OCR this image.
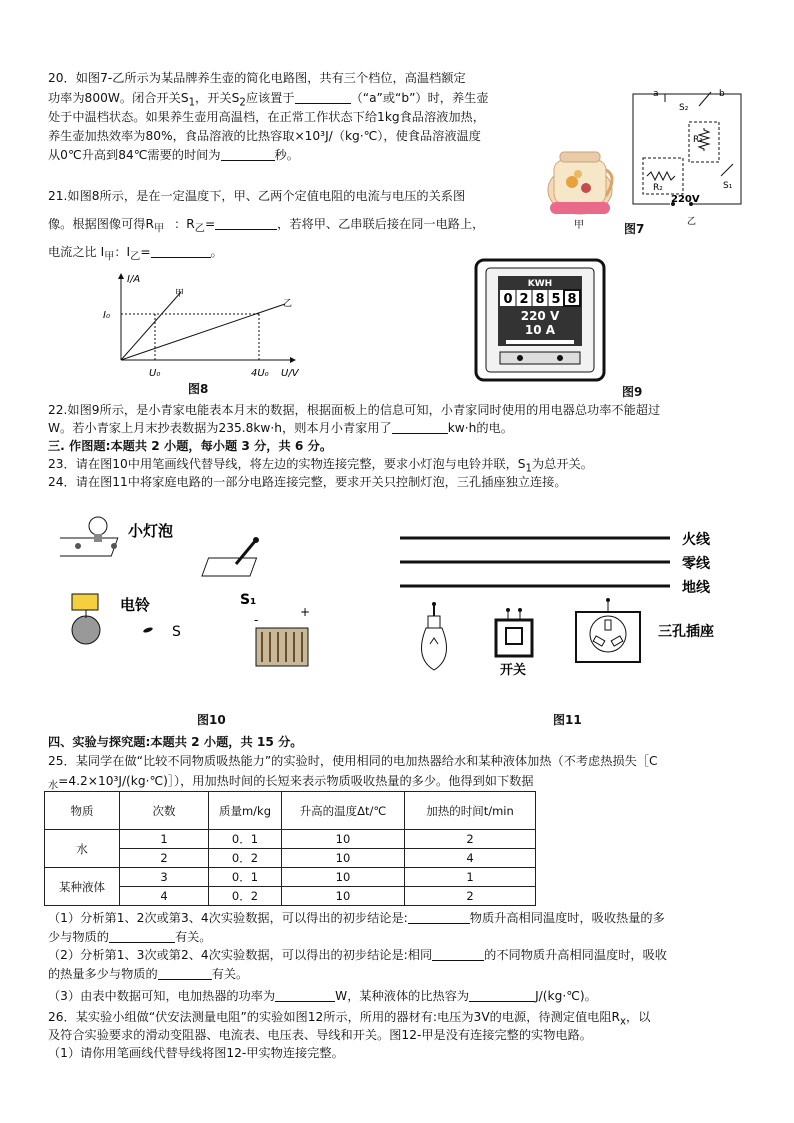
20．如图7-乙所示为某品牌养生壶的简化电路图，共有三个档位，高温档额定
功率为800W。闭合开关$S_1$，开关$S_2$应该置于	（“a”或“b”）时，养生壶
处于中温档状态。如果养生壶用高温档，在正常工作状态下给1kg食品溶液加热，
养生壶加热效率为80%，食品溶液的比热容取×10³J/（kg·℃），使食品溶液温度
从0℃升高到84℃需要的时间为	秒。
甲
a	b
S₂
R₁
R₂	S₁
220V
乙
图7
21.如图8所示，是在一定温度下，甲、乙两个定值电阻的电流与电压的关系图
像。根据图像可得$R_甲$ ：$R_乙=$	，若将甲、乙串联后接在同一电路上，
电流之比 $I_甲$：$I_乙=$	。
I/A
U/V
I₀
U₀	4U₀
甲
乙
图8
KWH
0 2 8 5 8
220 V
10 A
图9
22.如图9所示，是小青家电能表本月末的数据，根据面板上的信息可知，小青家同时使用的用电器总功率不能超过
W。若小青家上月末抄表数据为235.8kw·h，则本月小青家用了	kw·h的电。
三. 作图题:本题共 2 小题，每小题 3 分，共 6 分。
23．请在图10中用笔画线代替导线，将左边的实物连接完整，要求小灯泡与电铃并联，$S_1$为总开关。
24．请在图11中将家庭电路的一部分电路连接完整，要求开关只控制灯泡，三孔插座独立连接。
小灯泡
S₁
电铃
S
-
+
图10
火线
零线
地线
开关
三孔插座
图11
四、实验与探究题:本题共 2 小题，共 15 分。
25．某同学在做“比较不同物质吸热能力”的实验时，使用相同的电加热器给水和某种液体加热（不考虑热损失［C
$_水$=4.2×10³J/(kg·℃)］），用加热时间的长短来表示物质吸收热量的多少。他得到如下数据
物质	次数	质量m/kg	升高的温度Δt/℃	加热的时间t/min
水	1	0．1	10	2
	2	0．2	10	4
某种液体	3	0．1	10	1
	4	0．2	10	2
（1）分析第1、2次或第3、4次实验数据，可以得出的初步结论是:	物质升高相同温度时，吸收热量的多
少与物质的	有关。
（2）分析第1、3次或第2、4次实验数据，可以得出的初步结论是:相同	的不同物质升高相同温度时，吸收
的热量多少与物质的	有关。
（3）由表中数据可知，电加热器的功率为	W，某种液体的比热容为	J/(kg·℃)。
26．某实验小组做“伏安法测量电阻”的实验如图12所示，所用的器材有:电压为3V的电源，待测定值电阻$R_x$，以
及符合实验要求的滑动变阻器、电流表、电压表、导线和开关。图12-甲是没有连接完整的实物电路。
（1）请你用笔画线代替导线将图12-甲实物连接完整。
